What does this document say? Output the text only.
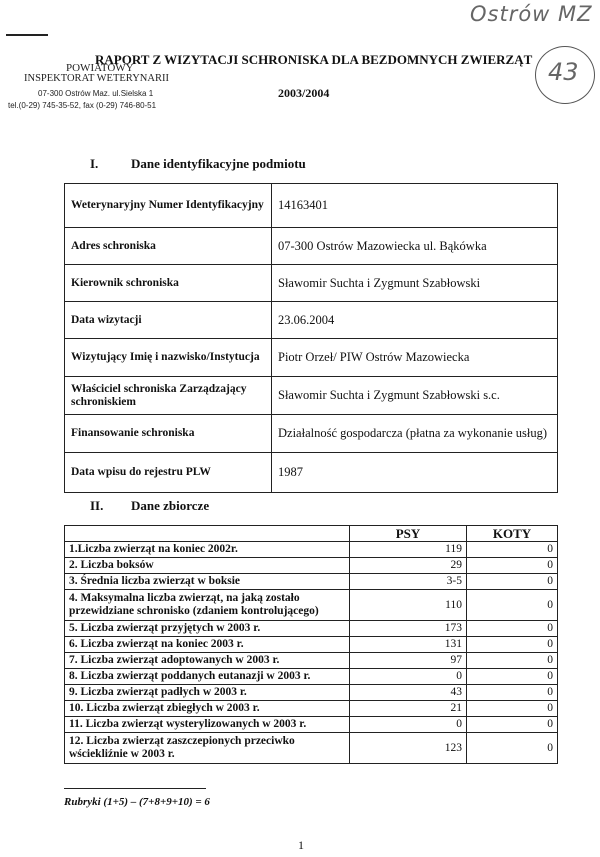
Ostrów MZ
43
POWIATOWY
INSPEKTORAT WETERYNARII
07-300 Ostrów Maz. ul.Sielska 1
tel.(0-29) 745-35-52, fax (0-29) 746-80-51
RAPORT Z WIZYTACJI SCHRONISKA DLA BEZDOMNYCH ZWIERZĄT
2003/2004
I.	Dane identyfikacyjne podmiotu
Weterynaryjny Numer Identyfikacyjny	14163401
Adres schroniska	07-300 Ostrów Mazowiecka ul. Bąkówka
Kierownik schroniska	Sławomir Suchta i Zygmunt Szabłowski
Data wizytacji	23.06.2004
Wizytujący Imię i nazwisko/Instytucja	Piotr Orzeł/ PIW Ostrów Mazowiecka
Właściciel schroniska Zarządzający schroniskiem	Sławomir Suchta i Zygmunt Szabłowski s.c.
Finansowanie schroniska	Działalność gospodarcza (płatna za wykonanie usług)
Data wpisu do rejestru PLW	1987
II. Dane zbiorcze
	PSY	KOTY
1.Liczba zwierząt na koniec 2002r.	119	0
2. Liczba boksów	29	0
3. Średnia liczba zwierząt w boksie	3-5	0
4. Maksymalna liczba zwierząt, na jaką zostało przewidziane schronisko (zdaniem kontrolującego)	110	0
5. Liczba zwierząt przyjętych w 2003 r.	173	0
6. Liczba zwierząt na koniec 2003 r.	131	0
7. Liczba zwierząt adoptowanych w 2003 r.	97	0
8. Liczba zwierząt poddanych eutanazji w 2003 r.	0	0
9. Liczba zwierząt padłych w 2003 r.	43	0
10. Liczba zwierząt zbiegłych w 2003 r.	21	0
11. Liczba zwierząt wysterylizowanych w 2003 r.	0	0
12. Liczba zwierząt zaszczepionych przeciwko wściekliźnie w 2003 r.	123	0
Rubryki (1+5) – (7+8+9+10) = 6
1
